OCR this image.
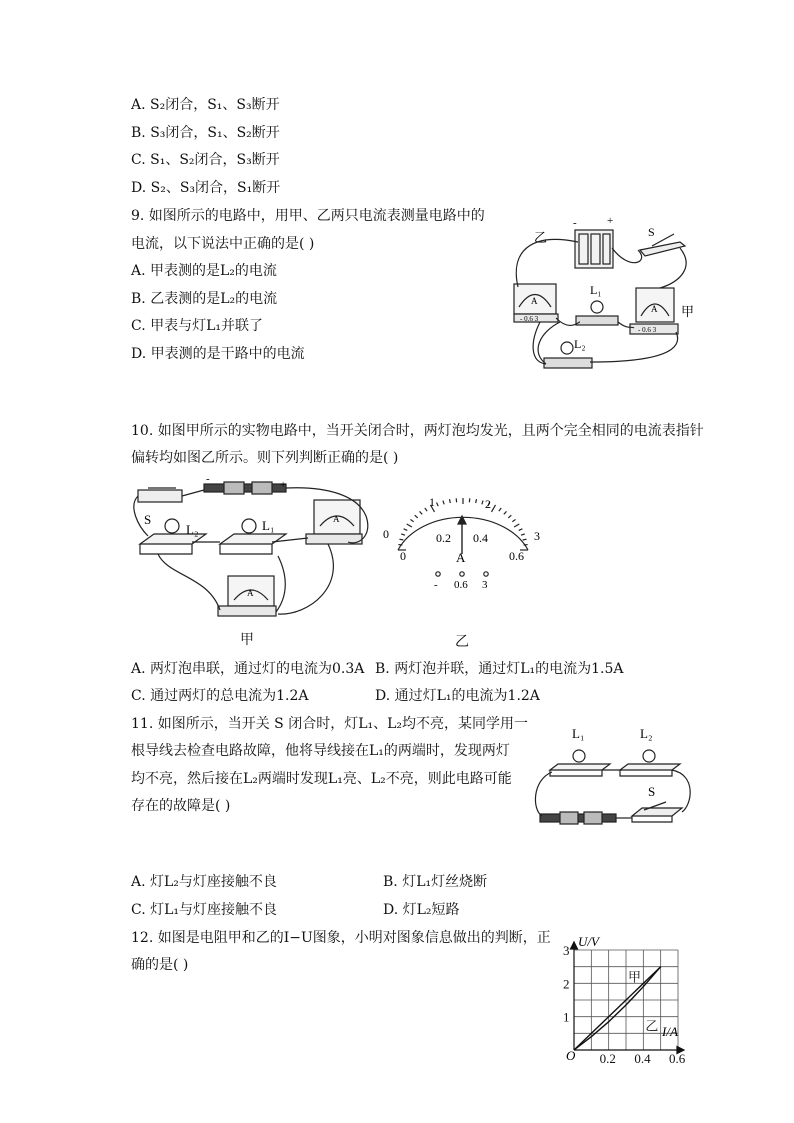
A. S₂闭合，S₁、S₃断开
B. S₃闭合，S₁、S₂断开
C. S₁、S₂闭合，S₃断开
D. S₂、S₃闭合，S₁断开
9. 如图所示的电路中，用甲、乙两只电流表测量电路中的
电流，以下说法中正确的是( )
A. 甲表测的是L₂的电流
B. 乙表测的是L₂的电流
C. 甲表与灯L₁并联了
D. 甲表测的是干路中的电流
乙
甲
S
L₁
L₂
A
A
+
-
- 0.6 3
- 0.6 3
10. 如图甲所示的实物电路中，当开关闭合时，两灯泡均发光，且两个完全相同的电流表指针
偏转均如图乙所示。则下列判断正确的是( )
S
L₂	L₁	A
A
+
-
甲
0
1	2
3
0
0.2 0.4
0.6
A
- 0.6 3
乙
A. 两灯泡串联，通过灯的电流为0.3A B. 两灯泡并联，通过灯L₁的电流为1.5A
C. 通过两灯的总电流为1.2A	D. 通过灯L₁的电流为1.2A
11. 如图所示，当开关 S 闭合时，灯L₁、L₂均不亮，某同学用一
根导线去检查电路故障，他将导线接在L₁的两端时，发现两灯
均不亮，然后接在L₂两端时发现L₁亮、L₂不亮，则此电路可能
存在的故障是( )
L₁	L₂
S
A. 灯L₂与灯座接触不良	B. 灯L₁灯丝烧断
C. 灯L₁与灯座接触不良	D. 灯L₂短路
12. 如图是电阻甲和乙的I−U图象，小明对图象信息做出的判断，正
确的是( )
甲
乙
0.2 0.4 0.6
1
2
3
U/V
I/A
O
